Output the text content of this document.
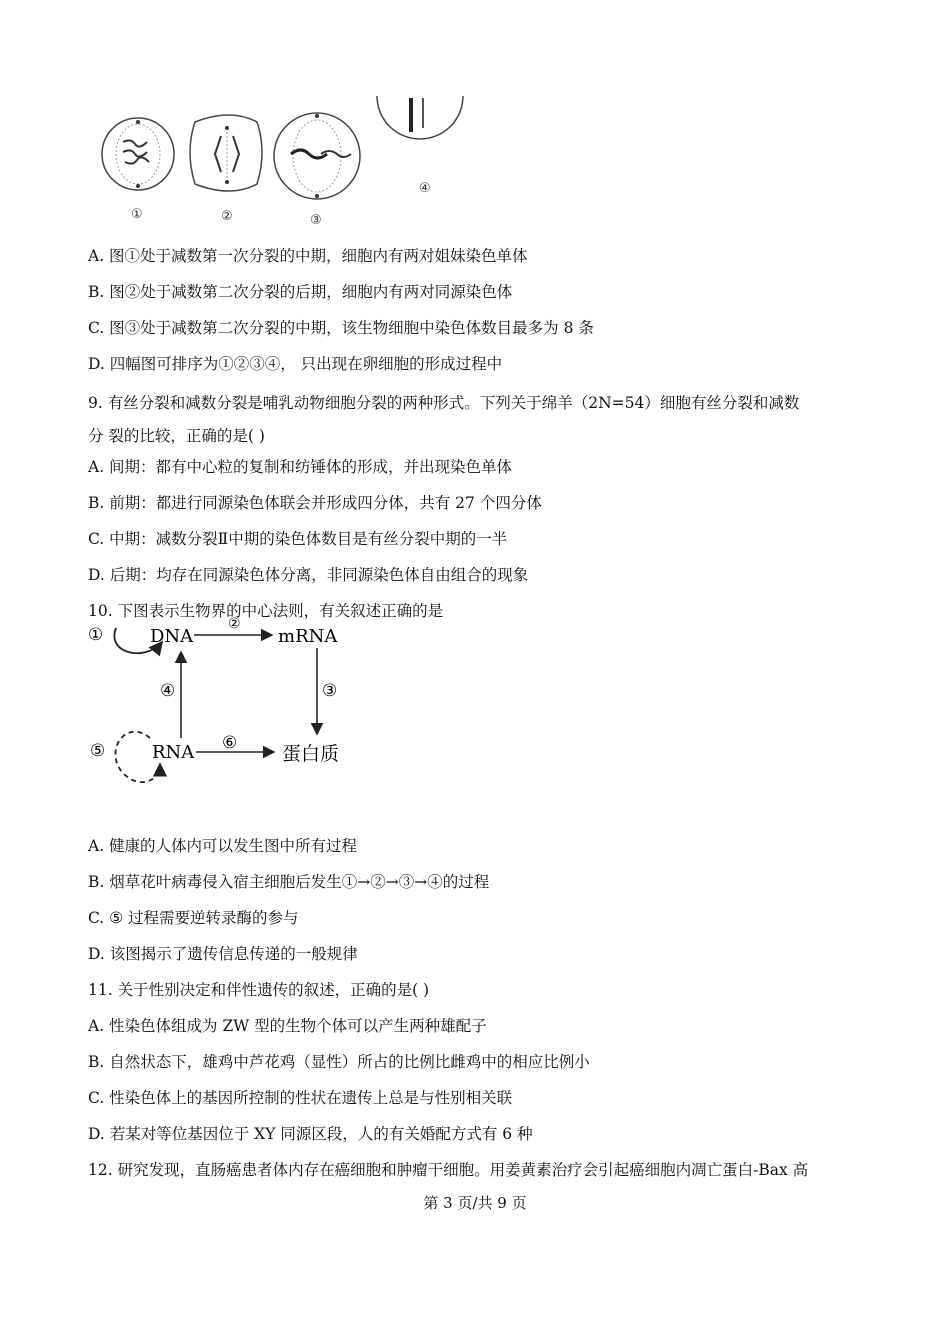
①	②	③
④
A. 图①处于减数第一次分裂的中期，细胞内有两对姐妹染色单体
B. 图②处于减数第二次分裂的后期，细胞内有两对同源染色体
C. 图③处于减数第二次分裂的中期，该生物细胞中染色体数目最多为 8 条
D. 四幅图可排序为①②③④， 只出现在卵细胞的形成过程中
9. 有丝分裂和减数分裂是哺乳动物细胞分裂的两种形式。下列关于绵羊（2N=54）细胞有丝分裂和减数
分 裂的比较，正确的是( )
A. 间期：都有中心粒的复制和纺锤体的形成，并出现染色单体
B. 前期：都进行同源染色体联会并形成四分体，共有 27 个四分体
C. 中期：减数分裂Ⅱ中期的染色体数目是有丝分裂中期的一半
D. 后期：均存在同源染色体分离，非同源染色体自由组合的现象
10. 下图表示生物界的中心法则，有关叙述正确的是
①
②
③
④
⑤	⑥
DNA	mRNA
RNA	蛋白质
A. 健康的人体内可以发生图中所有过程
B. 烟草花叶病毒侵入宿主细胞后发生①→②→③→④的过程
C. ⑤ 过程需要逆转录酶的参与
D. 该图揭示了遗传信息传递的一般规律
11. 关于性别决定和伴性遗传的叙述，正确的是( )
A. 性染色体组成为 ZW 型的生物个体可以产生两种雄配子
B. 自然状态下，雄鸡中芦花鸡（显性）所占的比例比雌鸡中的相应比例小
C. 性染色体上的基因所控制的性状在遗传上总是与性别相关联
D. 若某对等位基因位于 XY 同源区段，人的有关婚配方式有 6 种
12. 研究发现，直肠癌患者体内存在癌细胞和肿瘤干细胞。用姜黄素治疗会引起癌细胞内凋亡蛋白-Bax 高
第 3 页/共 9 页
